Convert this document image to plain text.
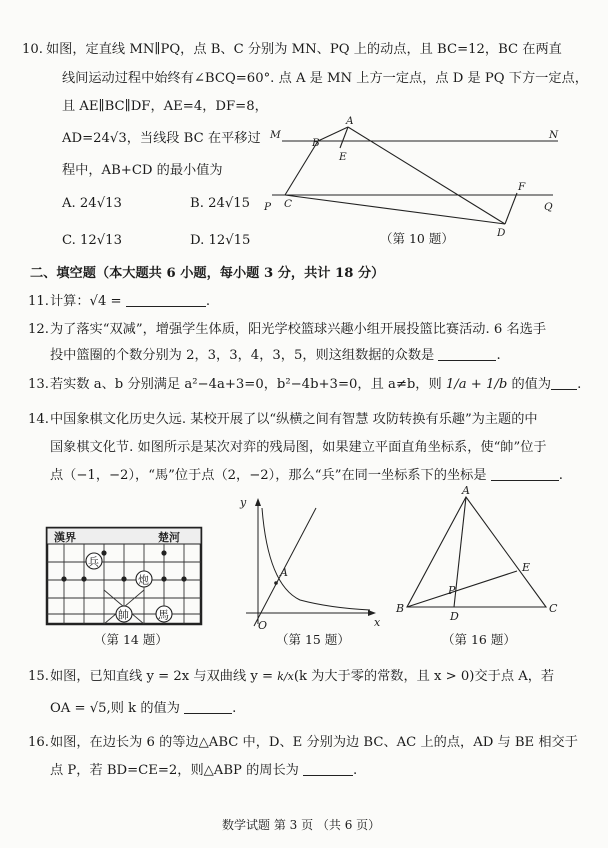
10. 如图，定直线 MN∥PQ，点 B、C 分别为 MN、PQ 上的动点，且 BC=12，BC 在两直
线间运动过程中始终有∠BCQ=60°. 点 A 是 MN 上方一定点，点 D 是 PQ 下方一定点，
且 AE∥BC∥DF，AE=4，DF=8，
AD=24√3，当线段 BC 在平移过
程中，AB+CD 的最小值为
A. 24√13	B. 24√15
C. 12√13	D. 12√15
M	N
P	Q
A
B
C
D
E
F
（第 10 题）
二、填空题（本大题共 6 小题，每小题 3 分，共计 18 分）
11. 计算：√4 =	.
12. 为了落实“双减”，增强学生体质，阳光学校篮球兴趣小组开展投篮比赛活动. 6 名选手
投中篮圈的个数分别为 2，3，3，4，3，5，则这组数据的众数是	.
13. 若实数 a、b 分别满足 a²−4a+3=0，b²−4b+3=0，且 a≠b，则 1/a + 1/b 的值为 .
14. 中国象棋文化历史久远. 某校开展了以“纵横之间有智慧 攻防转换有乐趣”为主题的中
国象棋文化节. 如图所示是某次对弈的残局图，如果建立平面直角坐标系，使“帥”位于
点（−1，−2），“馬”位于点（2，−2），那么“兵”在同一坐标系下的坐标是	.
漢界	楚河
兵
炮
帥	馬
（第 14 题）
y
x
O
A
（第 15 题）
A
B	C
D
E
P
（第 16 题）
15. 如图，已知直线 y = 2x 与双曲线 y = k/x(k 为大于零的常数，且 x > 0)交于点 A，若
OA = √5,则 k 的值为	.
16. 如图，在边长为 6 的等边△ABC 中，D、E 分别为边 BC、AC 上的点，AD 与 BE 相交于
点 P，若 BD=CE=2，则△ABP 的周长为	.
数学试题 第 3 页 （共 6 页）
